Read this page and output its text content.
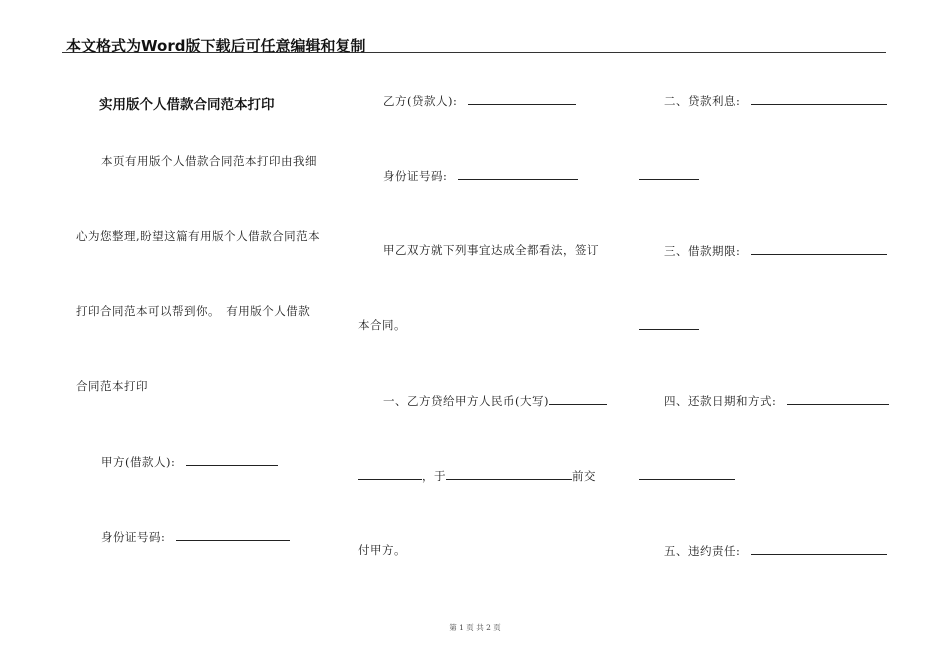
本文格式为Word版下载后可任意编辑和复制
实用版个人借款合同范本打印
本页有用版个人借款合同范本打印由我细
心为您整理,盼望这篇有用版个人借款合同范本
打印合同范本可以帮到你。　有用版个人借款
合同范本打印
甲方(借款人):
身份证号码:
乙方(贷款人):
身份证号码:
甲乙双方就下列事宜达成全都看法，签订
本合同。
一、乙方贷给甲方人民币(大写)
，于	前交
付甲方。
二、贷款利息:
三、借款期限:
四、还款日期和方式:
五、违约责任:
第 1 页 共 2 页
